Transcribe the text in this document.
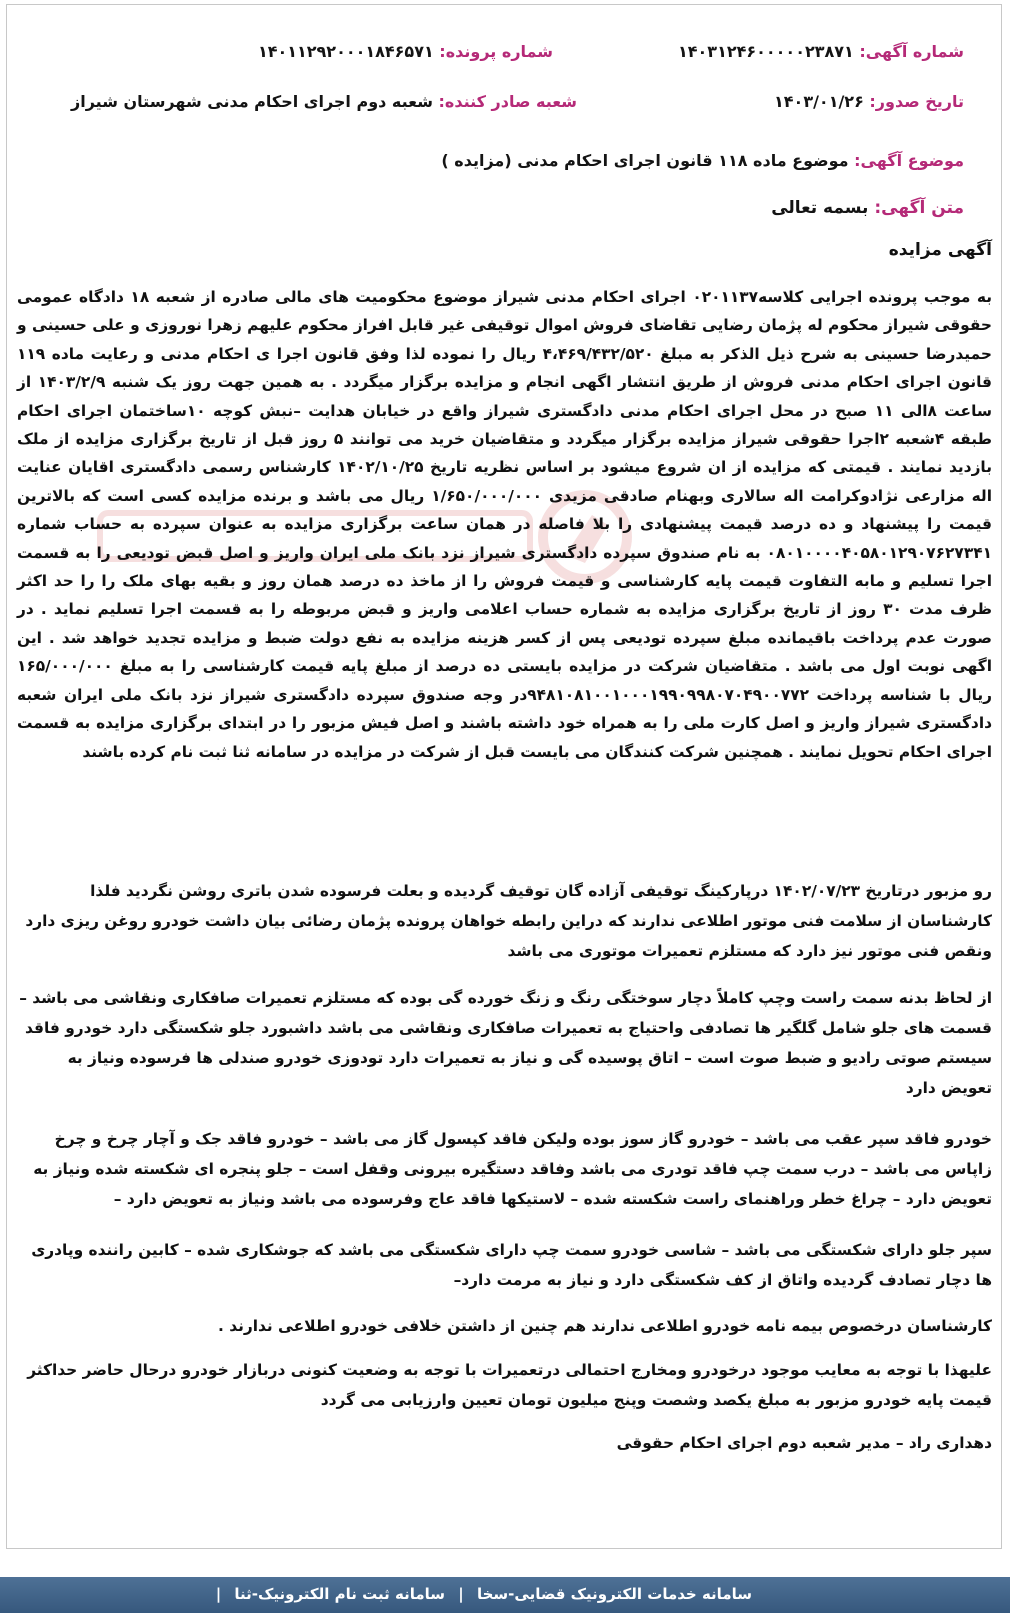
شماره آگهی: ۱۴۰۳۱۲۴۶۰۰۰۰۰۲۳۸۷۱
شماره پرونده: ۱۴۰۱۱۲۹۲۰۰۰۱۸۴۶۵۷۱
تاریخ صدور: ۱۴۰۳/۰۱/۲۶
شعبه صادر کننده: شعبه دوم اجرای احکام مدنی شهرستان شیراز
موضوع آگهی: موضوع ماده ۱۱۸ قانون اجرای احکام مدنی (مزایده )
متن آگهی: بسمه تعالی
آگهی مزایده
به موجب پرونده اجرایی کلاسه۰۲۰۱۱۳۷ اجرای احکام مدنی شیراز موضوع محکومیت های مالی صادره از شعبه ۱۸ دادگاه عمومی حقوقی شیراز محکوم له پژمان رضایی تقاضای فروش اموال توقیفی غیر قابل افراز محکوم علیهم زهرا نوروزی و علی حسینی و حمیدرضا حسینی به شرح ذیل الذکر به مبلغ ۴،۴۶۹/۴۳۲/۵۲۰ ریال را نموده لذا وفق قانون اجرا ی احکام مدنی و رعایت ماده ۱۱۹ قانون اجرای احکام مدنی فروش از طریق انتشار اگهی انجام و مزایده برگزار میگردد . به همین جهت روز یک شنبه ۱۴۰۳/۲/۹ از ساعت ۸الی ۱۱ صبح در محل اجرای احکام مدنی دادگستری شیراز واقع در خیابان هدایت –نبش کوچه ۱۰ساختمان اجرای احکام طبقه ۴شعبه ۲اجرا حقوقی شیراز مزایده برگزار میگردد و متقاضیان خرید می توانند ۵ روز قبل از تاریخ برگزاری مزایده از ملک بازدید نمایند . قیمتی که مزایده از ان شروع میشود بر اساس نظریه تاریخ ۱۴۰۲/۱۰/۲۵ کارشناس رسمی دادگستری اقایان عنایت اله مزارعی نژادوکرامت اله سالاری وبهنام صادقی مزیدی ۱/۶۵۰/۰۰۰/۰۰۰ ریال می باشد و برنده مزایده کسی است که بالاترین قیمت را پیشنهاد و ده درصد قیمت پیشنهادی را بلا فاصله در همان ساعت برگزاری مزایده به عنوان سپرده به حساب شماره ۰۸۰۱۰۰۰۰۴۰۵۸۰۱۲۹۰۷۶۲۷۳۴۱ به نام صندوق سپرده دادگستری شیراز نزد بانک ملی ایران واریز و اصل قبض تودیعی را به قسمت اجرا تسلیم و مابه التفاوت قیمت پایه کارشناسی و قیمت فروش را از ماخذ ده درصد همان روز و بقیه بهای ملک را را حد اکثر ظرف مدت ۳۰ روز از تاریخ برگزاری مزایده به شماره حساب اعلامی واریز و قبض مربوطه را به قسمت اجرا تسلیم نماید . در صورت عدم پرداخت باقیمانده مبلغ سپرده تودیعی پس از کسر هزینه مزایده به نفع دولت ضبط و مزایده تجدید خواهد شد . این اگهی نوبت اول می باشد . متقاضیان شرکت در مزایده بایستی ده درصد از مبلغ پایه قیمت کارشناسی را به مبلغ ۱۶۵/۰۰۰/۰۰۰ ریال با شناسه پرداخت ۹۴۸۱۰۸۱۰۰۱۰۰۰۱۹۹۰۹۹۸۰۷۰۴۹۰۰۷۷۲در وجه صندوق سپرده دادگستری شیراز نزد بانک ملی ایران شعبه دادگستری شیراز واریز و اصل کارت ملی را به همراه خود داشته باشند و اصل فیش مزبور را در ابتدای برگزاری مزایده به قسمت اجرای احکام تحویل نمایند . همچنین شرکت کنندگان می بایست قبل از شرکت در مزایده در سامانه ثنا ثبت نام کرده باشند
رو مزبور درتاریخ ۱۴۰۲/۰۷/۲۳ درپارکینگ توقیفی آزاده گان توقیف گردیده و بعلت فرسوده شدن باتری روشن نگردید فلذا کارشناسان از سلامت فنی موتور اطلاعی ندارند که دراین رابطه خواهان پرونده پژمان رضائی بیان داشت خودرو روغن ریزی دارد ونقص فنی موتور نیز دارد که مستلزم تعمیرات موتوری می باشد
از لحاظ بدنه سمت راست وچپ کاملاً دچار سوختگی رنگ و زنگ خورده گی بوده که مستلزم تعمیرات صافکاری ونقاشی می باشد – قسمت های جلو شامل گلگیر ها تصادفی واحتیاج به تعمیرات صافکاری ونقاشی می باشد داشبورد جلو شکستگی دارد خودرو فاقد سیستم صوتی رادیو و ضبط صوت است – اتاق پوسیده گی و نیاز به تعمیرات دارد تودوزی خودرو صندلی ها فرسوده ونیاز به تعویض دارد
خودرو فاقد سپر عقب می باشد – خودرو گاز سوز بوده ولیکن فاقد کپسول گاز می باشد – خودرو فاقد جک و آچار چرخ و چرخ زاپاس می باشد – درب سمت چپ فاقد تودری می باشد وفاقد دستگیره بیرونی وقفل است – جلو پنجره ای شکسته شده ونیاز به تعویض دارد – چراغ خطر وراهنمای راست شکسته شده – لاستیکها فاقد عاج وفرسوده می باشد ونیاز به تعویض دارد –
سپر جلو دارای شکستگی می باشد – شاسی خودرو سمت چپ دارای شکستگی می باشد که جوشکاری شده – کابین راننده وپادری ها دچار تصادف گردیده واتاق از کف شکستگی دارد و نیاز به مرمت دارد–
کارشناسان درخصوص بیمه نامه خودرو اطلاعی ندارند هم چنین از داشتن خلافی خودرو اطلاعی ندارند .
علیهذا با توجه به معایب موجود درخودرو ومخارج احتمالی درتعمیرات با توجه به وضعیت کنونی دربازار خودرو درحال حاضر حداکثر قیمت پایه خودرو مزبور به مبلغ یکصد وشصت وپنج میلیون تومان تعیین وارزیابی می گردد
دهداری راد – مدیر شعبه دوم اجرای احکام حقوقی
سامانه خدمات الکترونیک قضایی-سخا | سامانه ثبت نام الکترونیک-ثنا |
